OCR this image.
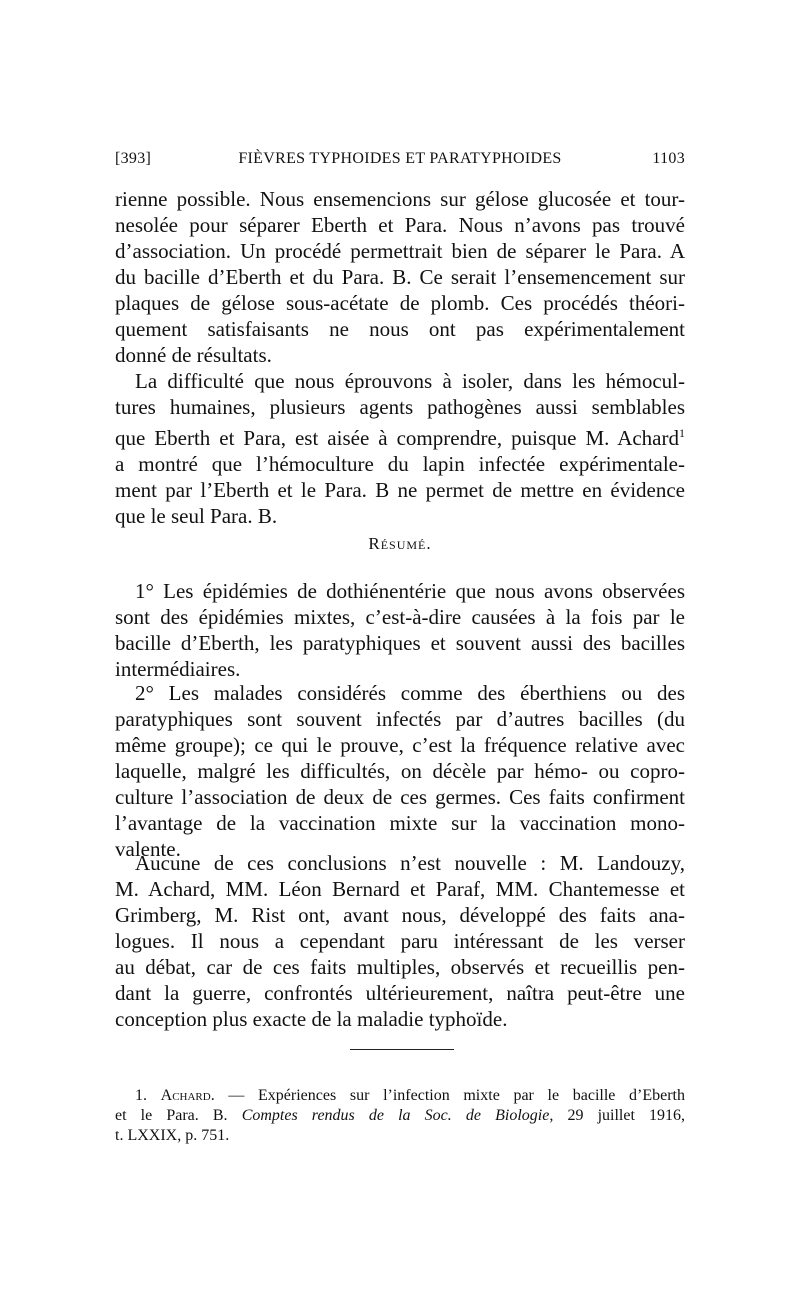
[393]	FIÈVRES TYPHOIDES ET PARATYPHOIDES	1103
rienne possible. Nous ensemencions sur gélose glucosée et tour-
nesolée pour séparer Eberth et Para. Nous n’avons pas trouvé
d’association. Un procédé permettrait bien de séparer le Para. A
du bacille d’Eberth et du Para. B. Ce serait l’ensemencement sur
plaques de gélose sous-acétate de plomb. Ces procédés théori-
quement satisfaisants ne nous ont pas expérimentalement
donné de résultats.
La difficulté que nous éprouvons à isoler, dans les hémocul-
tures humaines, plusieurs agents pathogènes aussi semblables
que Eberth et Para, est aisée à comprendre, puisque M. Achard$^1$
a montré que l’hémoculture du lapin infectée expérimentale-
ment par l’Eberth et le Para. B ne permet de mettre en évidence
que le seul Para. B.
Résumé.
1° Les épidémies de dothiénentérie que nous avons observées
sont des épidémies mixtes, c’est-à-dire causées à la fois par le
bacille d’Eberth, les paratyphiques et souvent aussi des bacilles
intermédiaires.
2° Les malades considérés comme des éberthiens ou des
paratyphiques sont souvent infectés par d’autres bacilles (du
même groupe); ce qui le prouve, c’est la fréquence relative avec
laquelle, malgré les difficultés, on décèle par hémo- ou copro-
culture l’association de deux de ces germes. Ces faits confirment
l’avantage de la vaccination mixte sur la vaccination mono-
valente.
Aucune de ces conclusions n’est nouvelle : M. Landouzy,
M. Achard, MM. Léon Bernard et Paraf, MM. Chantemesse et
Grimberg, M. Rist ont, avant nous, développé des faits ana-
logues. Il nous a cependant paru intéressant de les verser
au débat, car de ces faits multiples, observés et recueillis pen-
dant la guerre, confrontés ultérieurement, naîtra peut-être une
conception plus exacte de la maladie typhoïde.
1. Achard. — Expériences sur l’infection mixte par le bacille d’Eberth
et le Para. B. Comptes rendus de la Soc. de Biologie, 29 juillet 1916,
t. LXXIX, p. 751.
